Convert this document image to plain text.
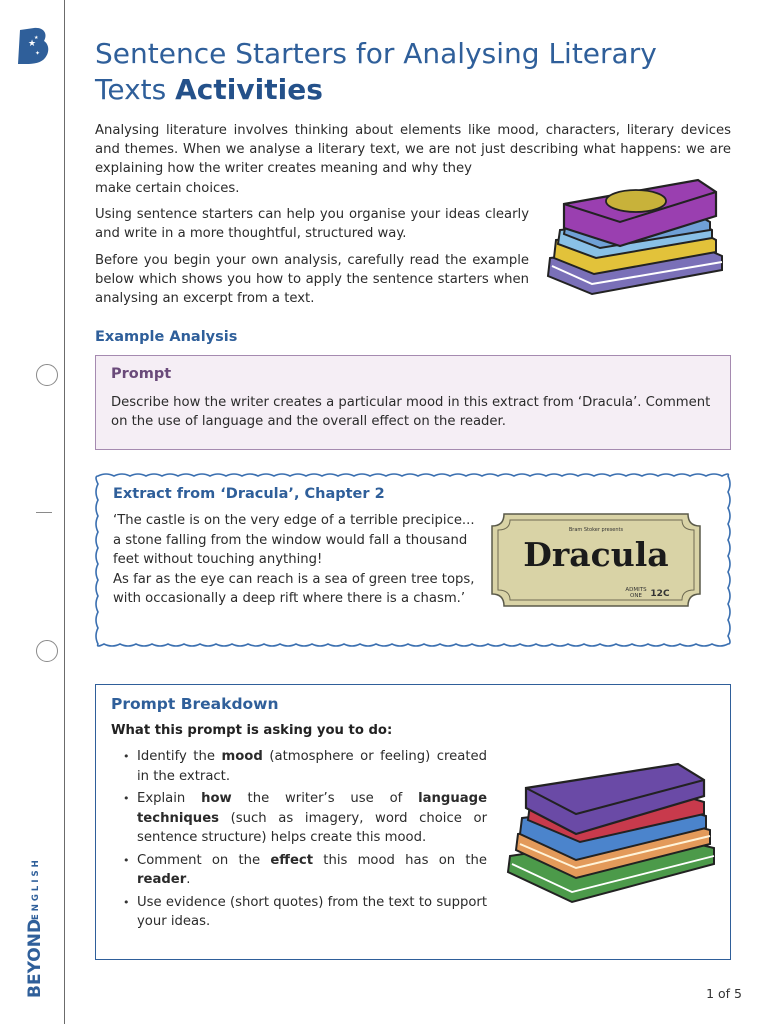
★
★
✦
BEYOND
ENGLISH
Sentence Starters for Analysing Literary
Texts Activities

Analysing literature involves thinking about elements like mood, characters, literary devices and themes. When we analyse a literary text, we are not just describing what happens: we are explaining how the writer creates meaning and why they

make certain choices.

Using sentence starters can help you organise your ideas clearly and write in a more thoughtful, structured way.

Before you begin your own analysis, carefully read the example below which shows you how to apply the sentence starters when analysing an excerpt from a text.

Example Analysis
Prompt

Describe how the writer creates a particular mood in this extract from ‘Dracula’. Comment on the use of language and the overall effect on the reader.

Extract from ‘Dracula’, Chapter 2

‘The castle is on the very edge of a terrible precipice... a stone falling from the window would fall a thousand feet without touching anything!
As far as the eye can reach is a sea of green tree tops, with occasionally a deep rift where there is a chasm.’

Bram Stoker presents
Dracula
ADMITS
ONE 12C
Prompt Breakdown

What this prompt is asking you to do:

• Identify the mood (atmosphere or feeling) created in the extract.
• Explain how the writer’s use of language techniques (such as imagery, word choice or sentence structure) helps create this mood.
• Comment on the effect this mood has on the reader.
• Use evidence (short quotes) from the text to support your ideas.
1 of 5
